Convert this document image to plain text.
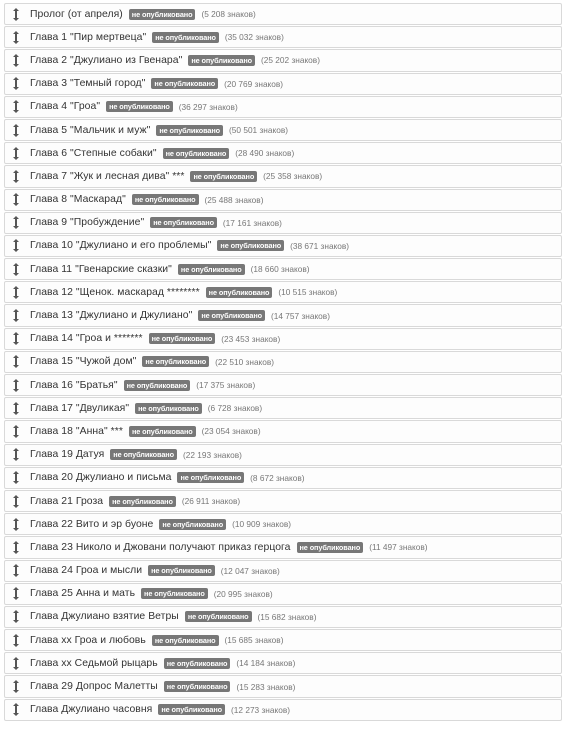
Пролог (от апреля)	не опубликовано	(5 208 знаков)
Глава 1 "Пир мертвеца"	не опубликовано	(35 032 знаков)
Глава 2 "Джулиано из Гвенара"	не опубликовано	(25 202 знаков)
Глава 3 "Темный город"	не опубликовано	(20 769 знаков)
Глава 4 "Гроа"	не опубликовано	(36 297 знаков)
Глава 5 "Мальчик и муж"	не опубликовано	(50 501 знаков)
Глава 6 "Степные собаки"	не опубликовано	(28 490 знаков)
Глава 7 "Жук и лесная дива" ***	не опубликовано	(25 358 знаков)
Глава 8 "Маскарад"	не опубликовано	(25 488 знаков)
Глава 9 "Пробуждение"	не опубликовано	(17 161 знаков)
Глава 10 "Джулиано и его проблемы"	не опубликовано	(38 671 знаков)
Глава 11 "Гвенарские сказки"	не опубликовано	(18 660 знаков)
Глава 12 "Щенок. маскарад ********	не опубликовано	(10 515 знаков)
Глава 13 "Джулиано и Джулиано"	не опубликовано	(14 757 знаков)
Глава 14 "Гроа и *******	не опубликовано	(23 453 знаков)
Глава 15 "Чужой дом"	не опубликовано	(22 510 знаков)
Глава 16 "Братья"	не опубликовано	(17 375 знаков)
Глава 17 "Двуликая"	не опубликовано	(6 728 знаков)
Глава 18 "Анна" ***	не опубликовано	(23 054 знаков)
Глава 19 Датуя	не опубликовано	(22 193 знаков)
Глава 20 Джулиано и письма	не опубликовано	(8 672 знаков)
Глава 21 Гроза	не опубликовано	(26 911 знаков)
Глава 22 Вито и эр буоне	не опубликовано	(10 909 знаков)
Глава 23 Николо и Джовани получают приказ герцога	не опубликовано	(11 497 знаков)
Глава 24 Гроа и мысли	не опубликовано	(12 047 знаков)
Глава 25 Анна и мать	не опубликовано	(20 995 знаков)
Глава Джулиано взятие Ветры	не опубликовано	(15 682 знаков)
Глава хх Гроа и любовь	не опубликовано	(15 685 знаков)
Глава хх Седьмой рыцарь	не опубликовано	(14 184 знаков)
Глава 29 Допрос Малетты	не опубликовано	(15 283 знаков)
Глава Джулиано часовня	не опубликовано	(12 273 знаков)
